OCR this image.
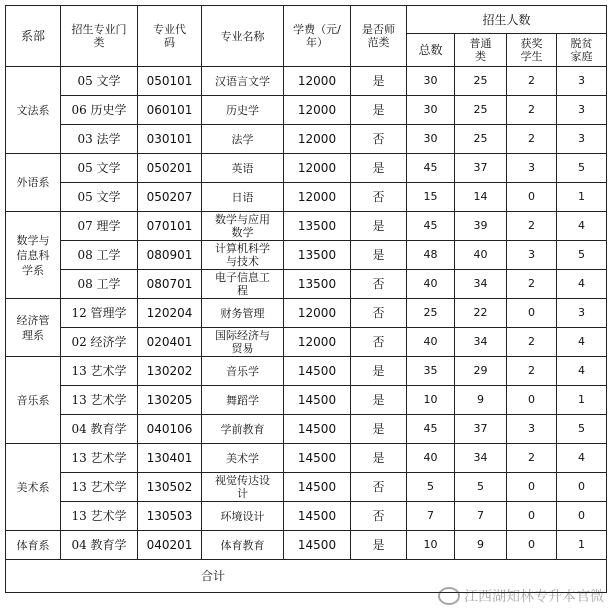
系部	招生专业门类	专业代码	专业名称	学费（元/年）	是否师范类	招生人数			
						总数	普通类	获奖学生	脱贫家庭
文法系	05 文学	050101	汉语言文学	12000	是	30	25	2	3
	06 历史学	060101	历史学	12000	是	30	25	2	3
	03 法学	030101	法学	12000	否	30	25	2	3
外语系	05 文学	050201	英语	12000	是	45	37	3	5
	05 文学	050207	日语	12000	否	15	14	0	1
数学与信息科学系	07 理学	070101	数学与应用数学	13500	是	45	39	2	4
	08 工学	080901	计算机科学与技术	13500	是	48	40	3	5
	08 工学	080701	电子信息工程	13500	否	40	34	2	4
经济管理系	12 管理学	120204	财务管理	12000	否	25	22	0	3
	02 经济学	020401	国际经济与贸易	12000	否	40	34	2	4
音乐系	13 艺术学	130202	音乐学	14500	是	35	29	2	4
	13 艺术学	130205	舞蹈学	14500	是	10	9	0	1
	04 教育学	040106	学前教育	14500	是	45	37	3	5
美术系	13 艺术学	130401	美术学	14500	是	40	34	2	4
	13 艺术学	130502	视觉传达设计	14500	否	5	5	0	0
	13 艺术学	130503	环境设计	14500	否	7	7	0	0
体育系	04 教育学	040201	体育教育	14500	是	10	9	0	1
合计									
江西湖知林专升本官微
